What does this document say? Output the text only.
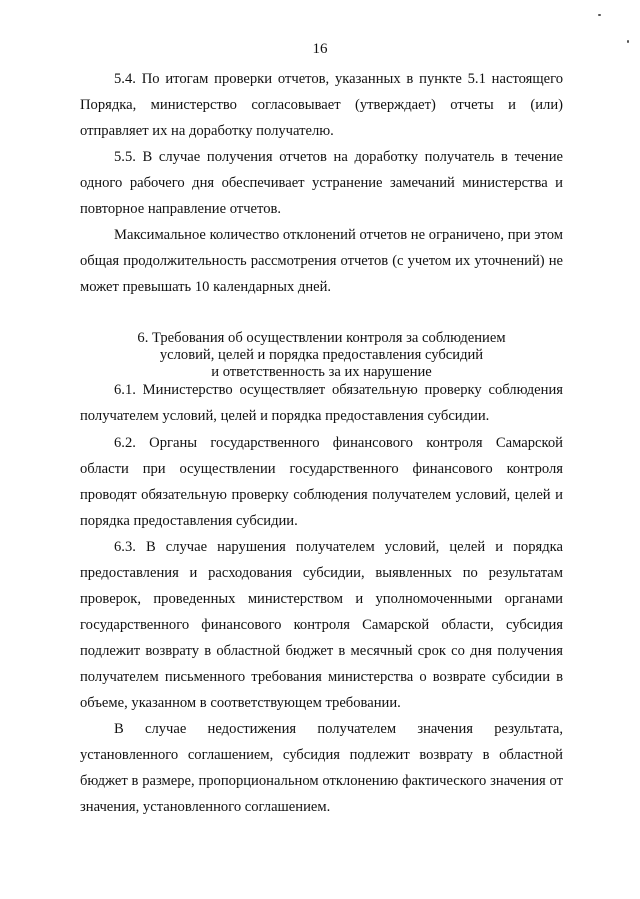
16

5.4. По итогам проверки отчетов, указанных в пункте 5.1 настоящего Порядка, министерство согласовывает (утверждает) отчеты и (или) отправляет их на доработку получателю.

5.5. В случае получения отчетов на доработку получатель в течение одного рабочего дня обеспечивает устранение замечаний министерства и повторное направление отчетов.

Максимальное количество отклонений отчетов не ограничено, при этом общая продолжительность рассмотрения отчетов (с учетом их уточнений) не может превышать 10 календарных дней.

6. Требования об осуществлении контроля за соблюдением
условий, целей и порядка предоставления субсидий
и ответственность за их нарушение

6.1. Министерство осуществляет обязательную проверку соблюдения получателем условий, целей и порядка предоставления субсидии.

6.2. Органы государственного финансового контроля Самарской области при осуществлении государственного финансового контроля проводят обязательную проверку соблюдения получателем условий, целей и порядка предоставления субсидии.

6.3. В случае нарушения получателем условий, целей и порядка предоставления и расходования субсидии, выявленных по результатам проверок, проведенных министерством и уполномоченными органами государственного финансового контроля Самарской области, субсидия подлежит возврату в областной бюджет в месячный срок со дня получения получателем письменного требования министерства о возврате субсидии в объеме, указанном в соответствующем требовании.

В случае недостижения получателем значения результата, установленного соглашением, субсидия подлежит возврату в областной бюджет в размере, пропорциональном отклонению фактического значения от значения, установленного соглашением.
